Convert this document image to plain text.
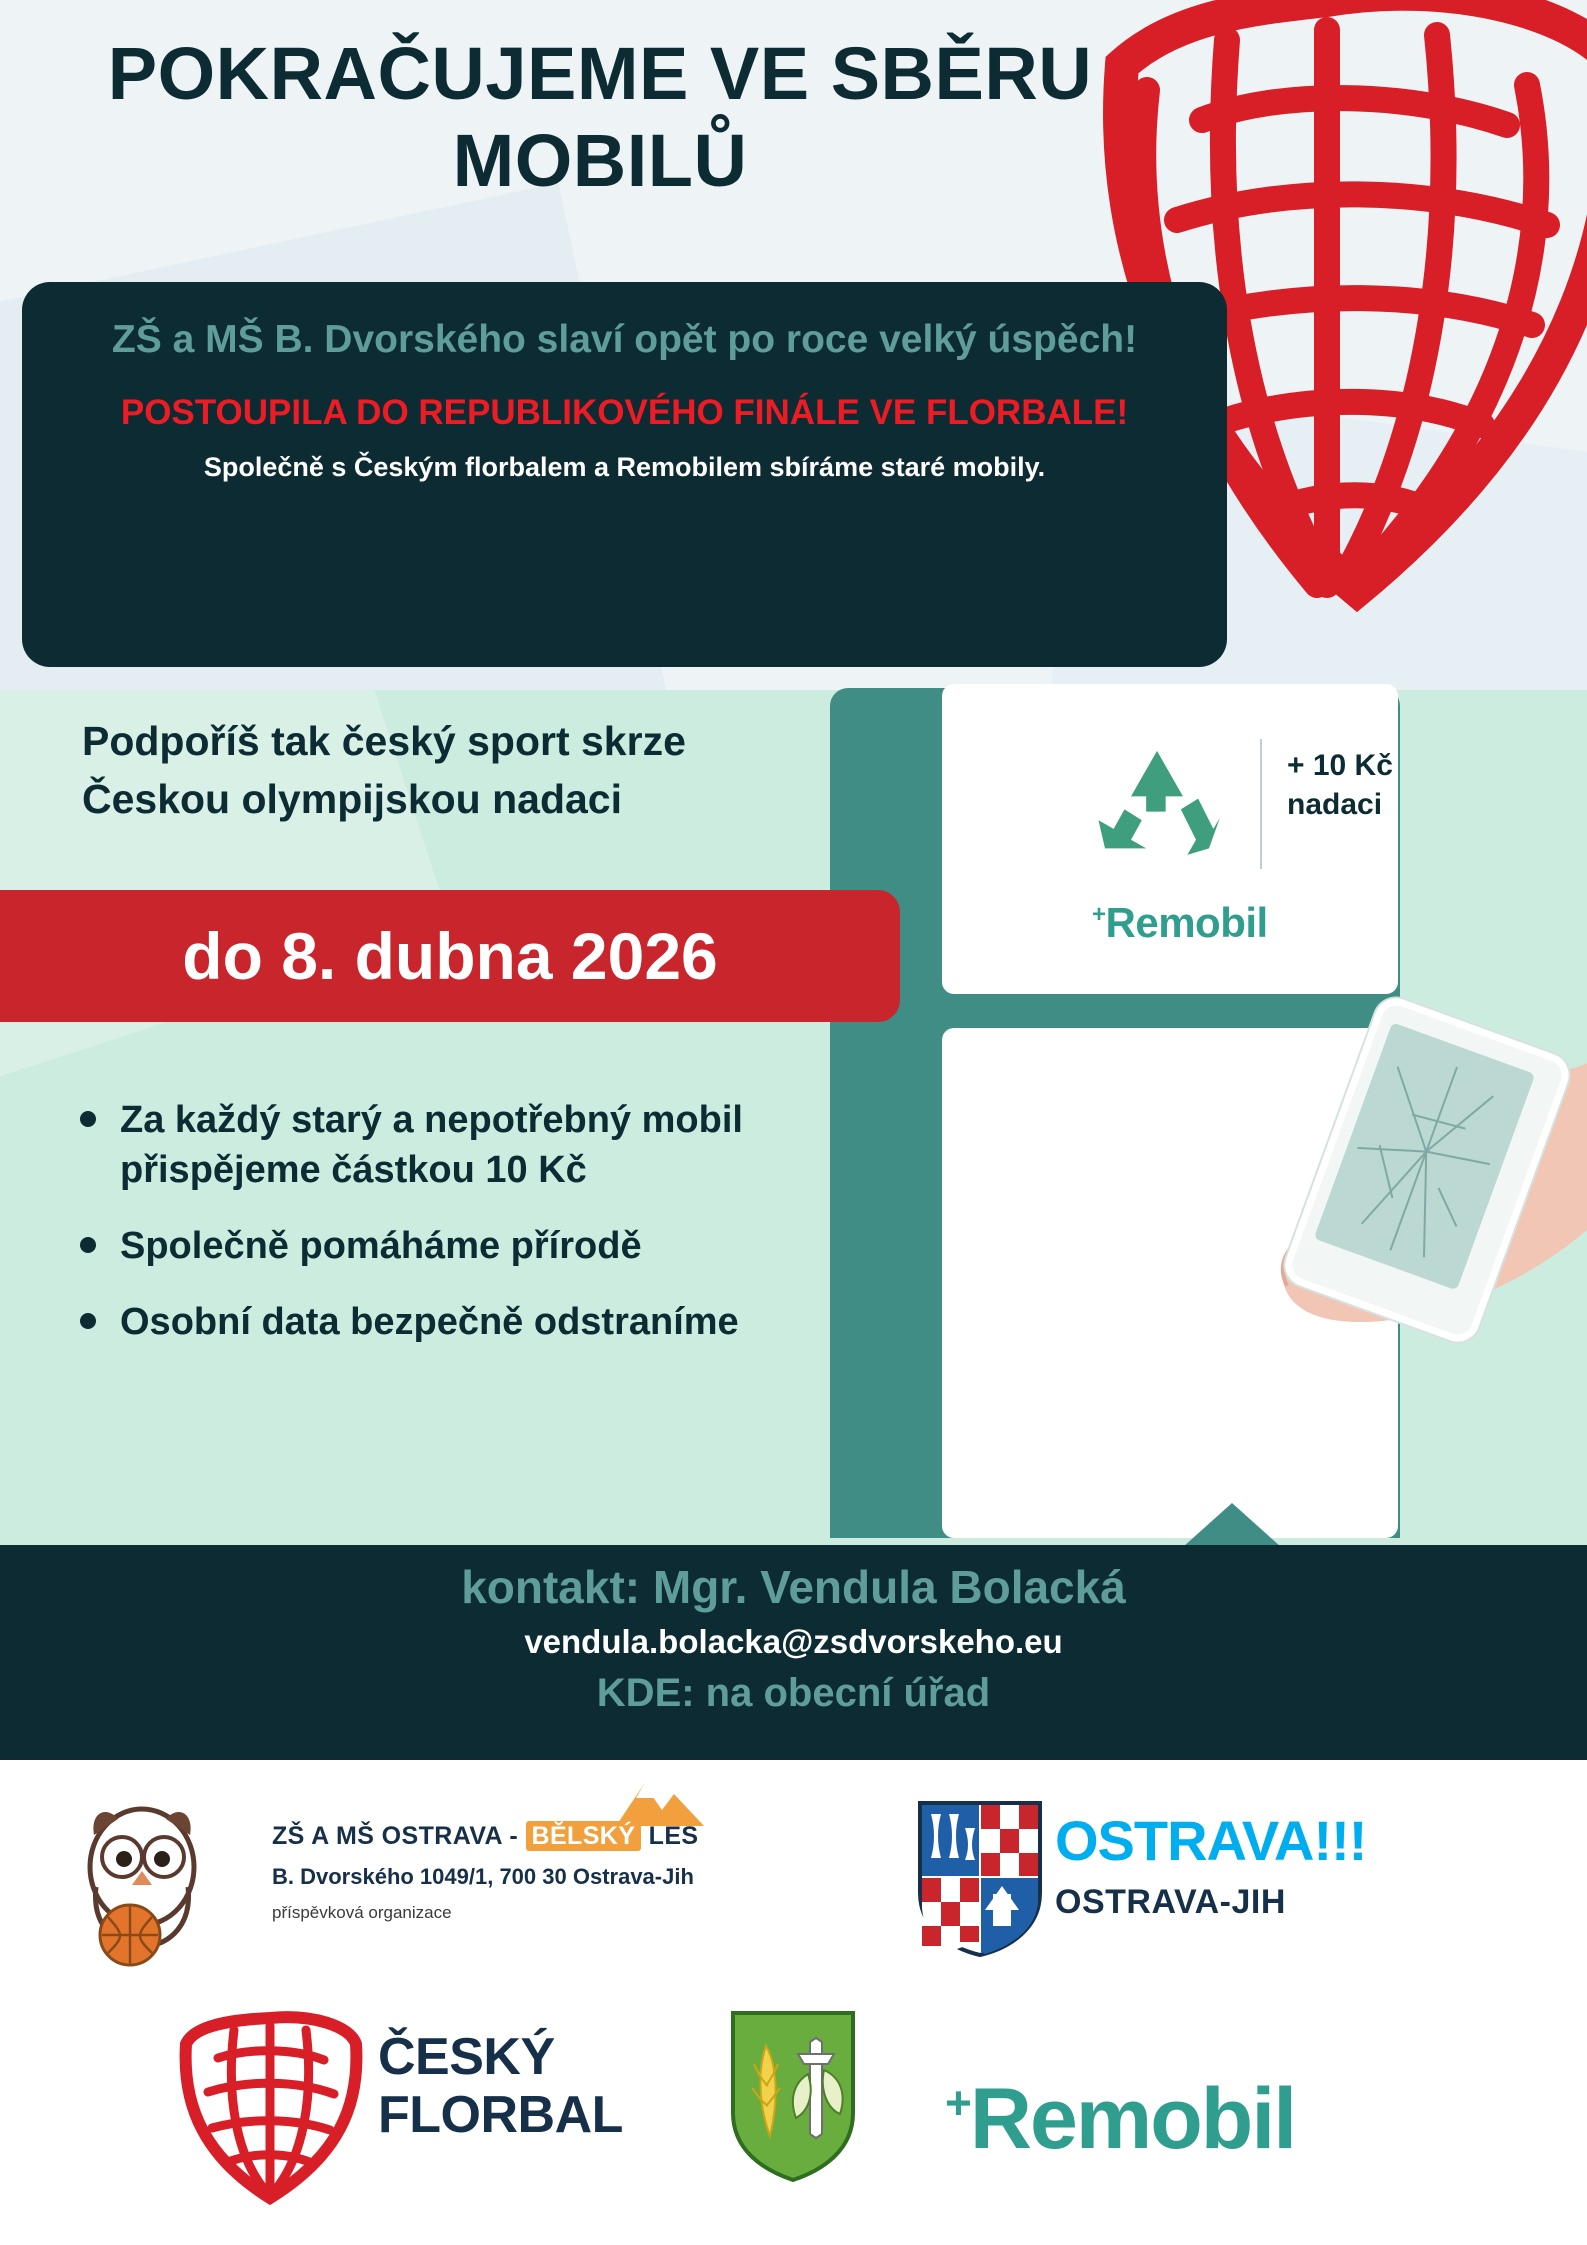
POKRAČUJEME VE SBĚRU MOBILŮ
ZŠ a MŠ B. Dvorského slaví opět po roce velký úspěch!
POSTOUPILA DO REPUBLIKOVÉHO FINÁLE VE FLORBALE!
Společně s Českým florbalem a Remobilem sbíráme staré mobily.
+ 10 Kč
nadaci
+Remobil
Podpoříš tak český sport skrze Českou olympijskou nadaci
do 8. dubna 2026
Za každý starý a nepotřebný mobil přispějeme částkou 10 Kč
Společně pomáháme přírodě
Osobní data bezpečně odstraníme
kontakt: Mgr. Vendula Bolacká
vendula.bolacka@zsdvorskeho.eu
KDE: na obecní úřad
ZŠ A MŠ OSTRAVA - BĚLSKÝ LES
B. Dvorského 1049/1, 700 30 Ostrava-Jih
příspěvková organizace
OSTRAVA!!!
OSTRAVA-JIH
ČESKÝ
FLORBAL	+Remobil
